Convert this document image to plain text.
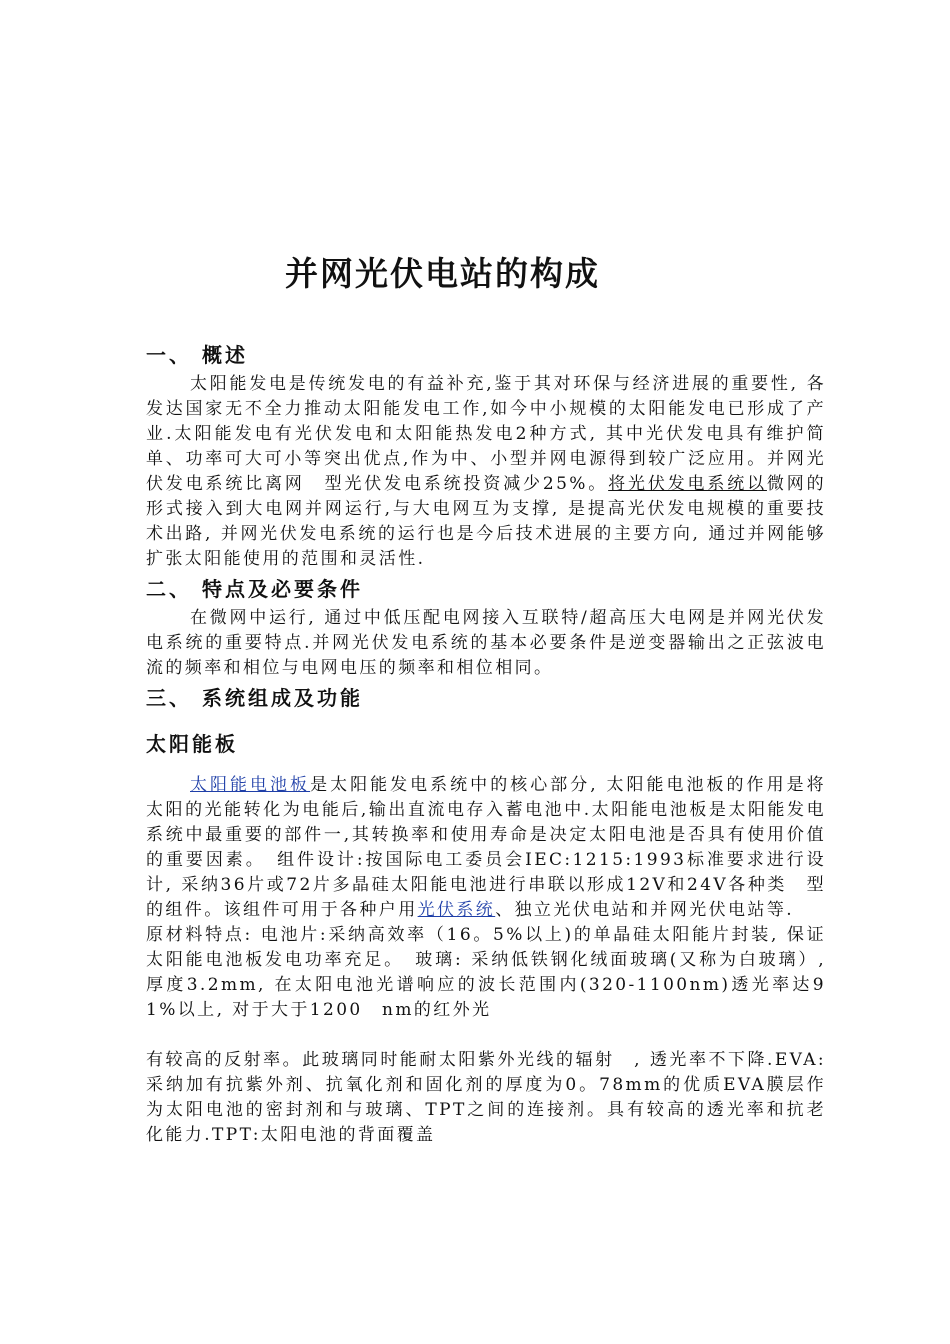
并网光伏电站的构成
一、 概述

太阳能发电是传统发电的有益补充,鉴于其对环保与经济进展的重要性, 各发达国家无不全力推动太阳能发电工作,如今中小规模的太阳能发电已形成了产业.太阳能发电有光伏发电和太阳能热发电2种方式, 其中光伏发电具有维护简单、功率可大可小等突出优点,作为中、小型并网电源得到较广泛应用。并网光伏发电系统比离网　型光伏发电系统投资减少25%。将光伏发电系统以微网的形式接入到大电网并网运行,与大电网互为支撑, 是提高光伏发电规模的重要技术出路, 并网光伏发电系统的运行也是今后技术进展的主要方向, 通过并网能够扩张太阳能使用的范围和灵活性.

二、 特点及必要条件

在微网中运行, 通过中低压配电网接入互联特/超高压大电网是并网光伏发电系统的重要特点.并网光伏发电系统的基本必要条件是逆变器输出之正弦波电流的频率和相位与电网电压的频率和相位相同。

三、 系统组成及功能
太阳能板

太阳能电池板是太阳能发电系统中的核心部分, 太阳能电池板的作用是将太阳的光能转化为电能后,输出直流电存入蓄电池中.太阳能电池板是太阳能发电系统中最重要的部件一,其转换率和使用寿命是决定太阳电池是否具有使用价值的重要因素。　组件设计:按国际电工委员会IEC:1215:1993标准要求进行设计, 采纳36片或72片多晶硅太阳能电池进行串联以形成12V和24V各种类　型的组件。该组件可用于各种户用光伏系统、独立光伏电站和并网光伏电站等.

原材料特点: 电池片:采纳高效率（16。5%以上)的单晶硅太阳能片封装, 保证太阳能电池板发电功率充足。　玻璃: 采纳低铁钢化绒面玻璃(又称为白玻璃）, 厚度3.2mm, 在太阳电池光谱响应的波长范围内(320-1100nm)透光率达91%以上, 对于大于1200　nm的红外光

有较高的反射率。此玻璃同时能耐太阳紫外光线的辐射　, 透光率不下降.EVA: 采纳加有抗紫外剂、抗氧化剂和固化剂的厚度为0。78mm的优质EVA膜层作为太阳电池的密封剂和与玻璃、TPT之间的连接剂。具有较高的透光率和抗老化能力.TPT:太阳电池的背面覆盖
